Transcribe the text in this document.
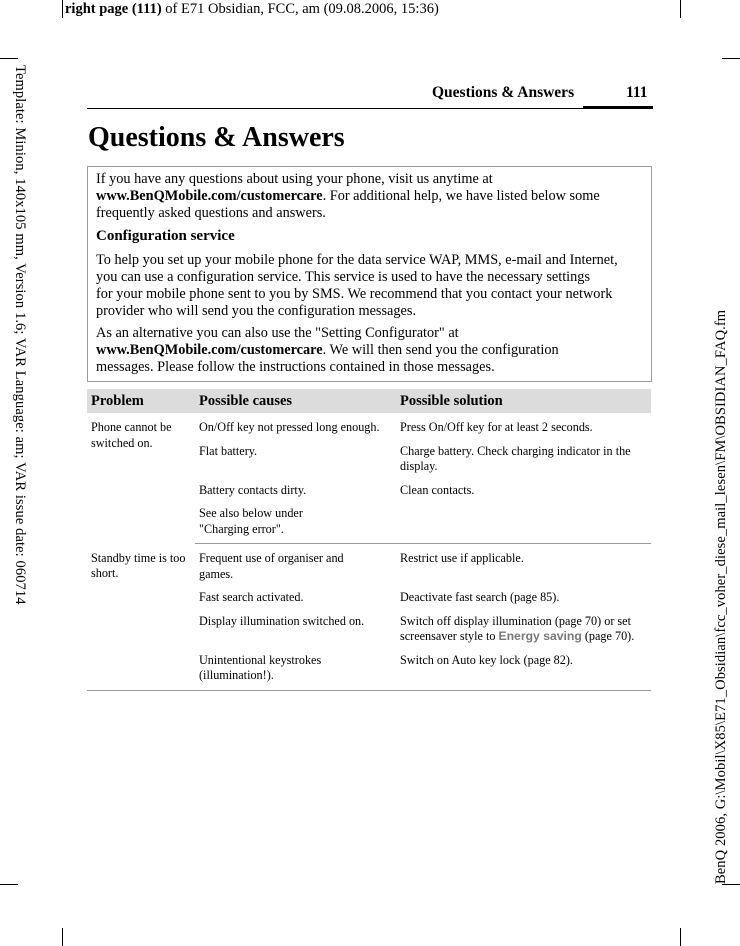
right page (111) of E71 Obsidian, FCC, am (09.08.2006, 15:36)
Template: Minion, 140x105 mm, Version 1.6; VAR Language: am; VAR issue date: 060714	BenQ 2006, G:\Mobil\X85\E71_Obsidian\fcc_voher_diese_mail_lesen\FM\OBSIDIAN_FAQ.fm
Questions & Answers	111
Questions & Answers

If you have any questions about using your phone, visit us anytime at

www.BenQMobile.com/customercare. For additional help, we have listed below some

frequently asked questions and answers.

Configuration service

To help you set up your mobile phone for the data service WAP, MMS, e-mail and Internet,

you can use a configuration service. This service is used to have the necessary settings

for your mobile phone sent to you by SMS. We recommend that you contact your network

provider who will send you the configuration messages.

As an alternative you can also use the "Setting Configurator" at

www.BenQMobile.com/customercare. We will then send you the configuration

messages. Please follow the instructions contained in those messages.

Problem	Possible causes	Possible solution
Phone cannot be switched on.	On/Off key not pressed long enough.	Press On/Off key for at least 2 seconds.
	Flat battery.	Charge battery. Check charging indicator in the display.
	Battery contacts dirty.	Clean contacts.
	See also below under "Charging error".	
Standby time is too short.	Frequent use of organiser and games.	Restrict use if applicable.
	Fast search activated.	Deactivate fast search (page 85).
	Display illumination switched on.	Switch off display illumination (page 70) or set screensaver style to Energy saving (page 70).
	Unintentional keystrokes (illumination!).	Switch on Auto key lock (page 82).
